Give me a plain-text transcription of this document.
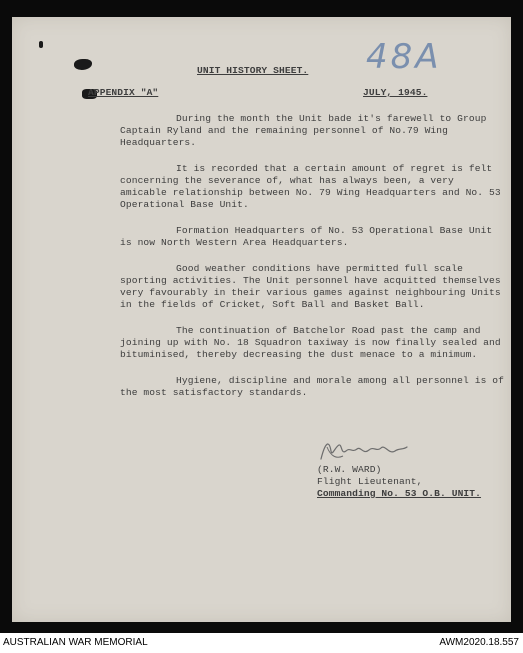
48A
UNIT HISTORY SHEET.
APPENDIX "A"	JULY, 1945.

During the month the Unit bade it's farewell to Group Captain Ryland and the remaining personnel of No.79 Wing Headquarters.

It is recorded that a certain amount of regret is felt concerning the severance of, what has always been, a very amicable relationship between No. 79 Wing Headquarters and No. 53 Operational Base Unit.

Formation Headquarters of No. 53 Operational Base Unit is now North Western Area Headquarters.

Good weather conditions have permitted full scale sporting activities. The Unit personnel have acquitted themselves very favourably in their various games against neighbouring Units in the fields of Cricket, Soft Ball and Basket Ball.

The continuation of Batchelor Road past the camp and joining up with No. 18 Squadron taxiway is now finally sealed and bituminised, thereby decreasing the dust menace to a minimum.

Hygiene, discipline and morale among all personnel is of the most satisfactory standards.

(R.W. WARD)
Flight Lieutenant,
Commanding No. 53 O.B. UNIT.
AUSTRALIAN WAR MEMORIAL	AWM2020.18.557
